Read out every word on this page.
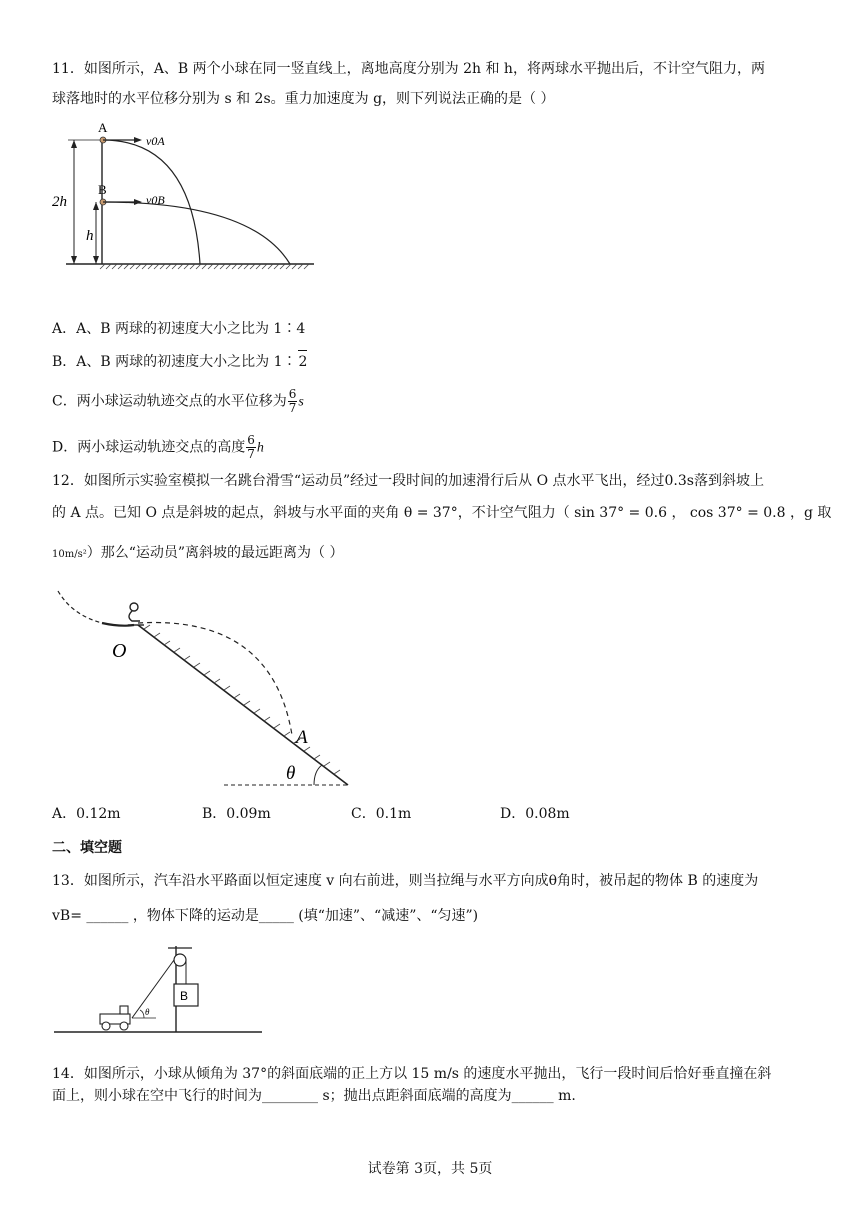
11．如图所示，A、B 两个小球在同一竖直线上，离地高度分别为 2h 和 h，将两球水平抛出后，不计空气阻力，两
球落地时的水平位移分别为 s 和 2s。重力加速度为 g，则下列说法正确的是（ ）
2h
h
A
v0A
B
v0B
A．A、B 两球的初速度大小之比为 1∶4
B．A、B 两球的初速度大小之比为 1∶ 2
C．两小球运动轨迹交点的水平位移为 $\frac{6}{7}$ s
D．两小球运动轨迹交点的高度 $\frac{6}{7}$ h
12．如图所示实验室模拟一名跳台滑雪“运动员”经过一段时间的加速滑行后从 O 点水平飞出，经过0.3s落到斜坡上
的 A 点。已知 O 点是斜坡的起点，斜坡与水平面的夹角 θ = 37°，不计空气阻力（ sin 37° = 0.6 ， cos 37° = 0.8 ，g 取
10m/s²）那么“运动员”离斜坡的最远距离为（ ）
O
A
θ
A．0.12m	B．0.09m	C．0.1m	D．0.08m
二、填空题
13．如图所示，汽车沿水平路面以恒定速度 v 向右前进，则当拉绳与水平方向成θ角时，被吊起的物体 B 的速度为
vB= ______ ，物体下降的运动是_____ (填“加速”、“减速”、“匀速”)
B
θ
14．如图所示，小球从倾角为 37°的斜面底端的正上方以 15 m/s 的速度水平抛出，飞行一段时间后恰好垂直撞在斜
面上，则小球在空中飞行的时间为________ s；抛出点距斜面底端的高度为______ m.
试卷第 3页，共 5页
